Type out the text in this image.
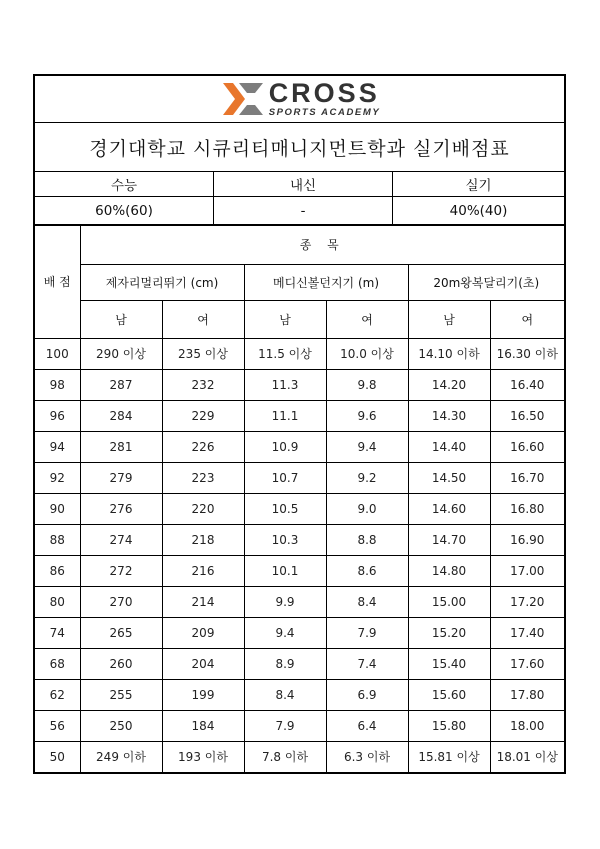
CROSS
SPORTS ACADEMY
경기대학교 시큐리티매니지먼트학과 실기배점표
수능	내신	실기
60%(60)	-	40%(40)
배 점	종 목					
	제자리멀리뛰기 (cm)		메디신볼던지기 (m)		20m왕복달리기(초)	
	남	여	남	여	남	여
100	290 이상	235 이상	11.5 이상	10.0 이상	14.10 이하	16.30 이하
98	287	232	11.3	9.8	14.20	16.40
96	284	229	11.1	9.6	14.30	16.50
94	281	226	10.9	9.4	14.40	16.60
92	279	223	10.7	9.2	14.50	16.70
90	276	220	10.5	9.0	14.60	16.80
88	274	218	10.3	8.8	14.70	16.90
86	272	216	10.1	8.6	14.80	17.00
80	270	214	9.9	8.4	15.00	17.20
74	265	209	9.4	7.9	15.20	17.40
68	260	204	8.9	7.4	15.40	17.60
62	255	199	8.4	6.9	15.60	17.80
56	250	184	7.9	6.4	15.80	18.00
50	249 이하	193 이하	7.8 이하	6.3 이하	15.81 이상	18.01 이상
